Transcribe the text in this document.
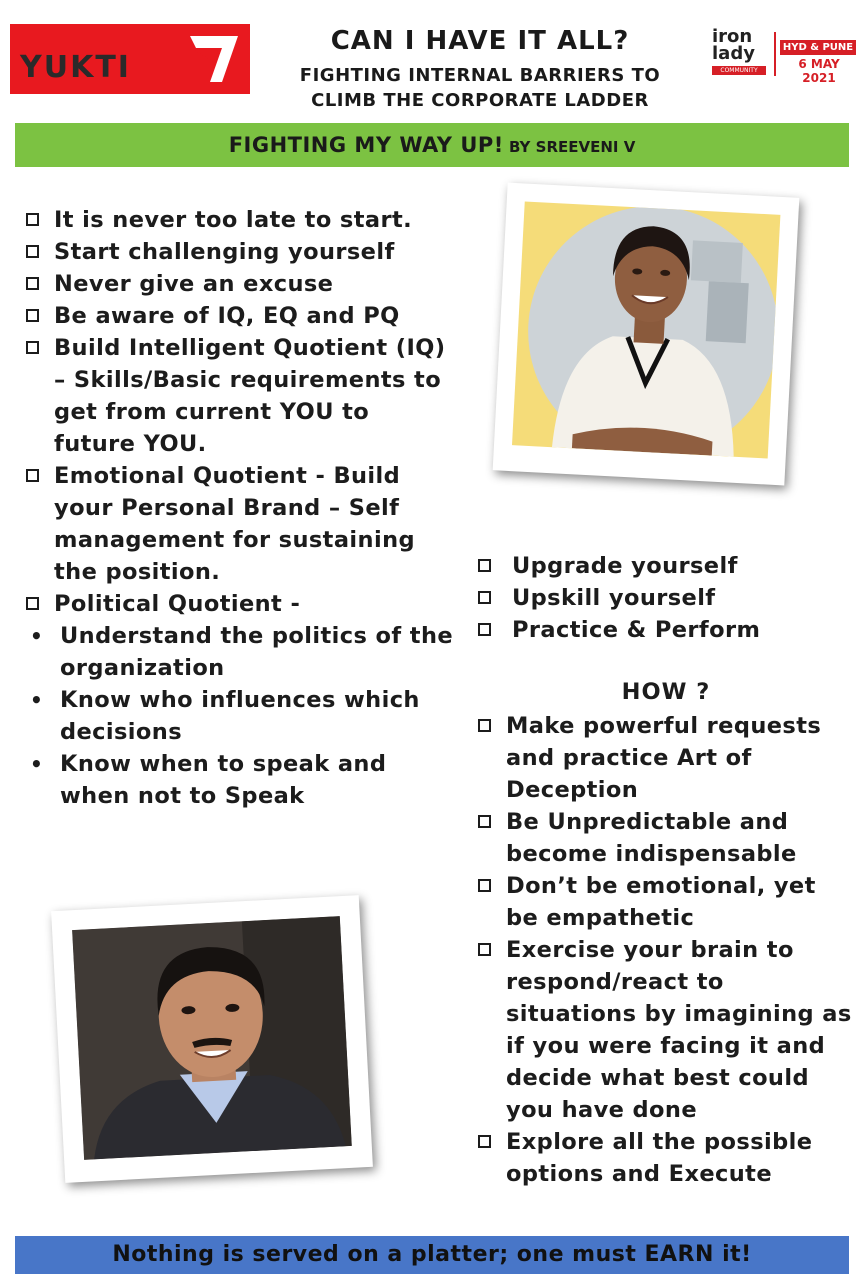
YUKTI
CAN I HAVE IT ALL?
FIGHTING INTERNAL BARRIERS TO
CLIMB THE CORPORATE LADDER
iron
lady
COMMUNITY
HYD & PUNE
6 MAY 2021
FIGHTING MY WAY UP! BY SREEVENI V
It is never too late to start.
Start challenging yourself
Never give an excuse
Be aware of IQ, EQ and PQ
Build Intelligent Quotient (IQ) – Skills/Basic requirements to get from current YOU to future YOU.
Emotional Quotient - Build your Personal Brand – Self management for sustaining the position.
Political Quotient -
• Understand the politics of the organization
• Know who influences which decisions
• Know when to speak and when not to Speak
Upgrade yourself
Upskill yourself
Practice & Perform
HOW ?
Make powerful requests and practice Art of Deception
Be Unpredictable and become indispensable
Don’t be emotional, yet be empathetic
Exercise your brain to respond/react to situations by imagining as if you were facing it and decide what best could you have done
Explore all the possible options and Execute
Nothing is served on a platter; one must EARN it!
